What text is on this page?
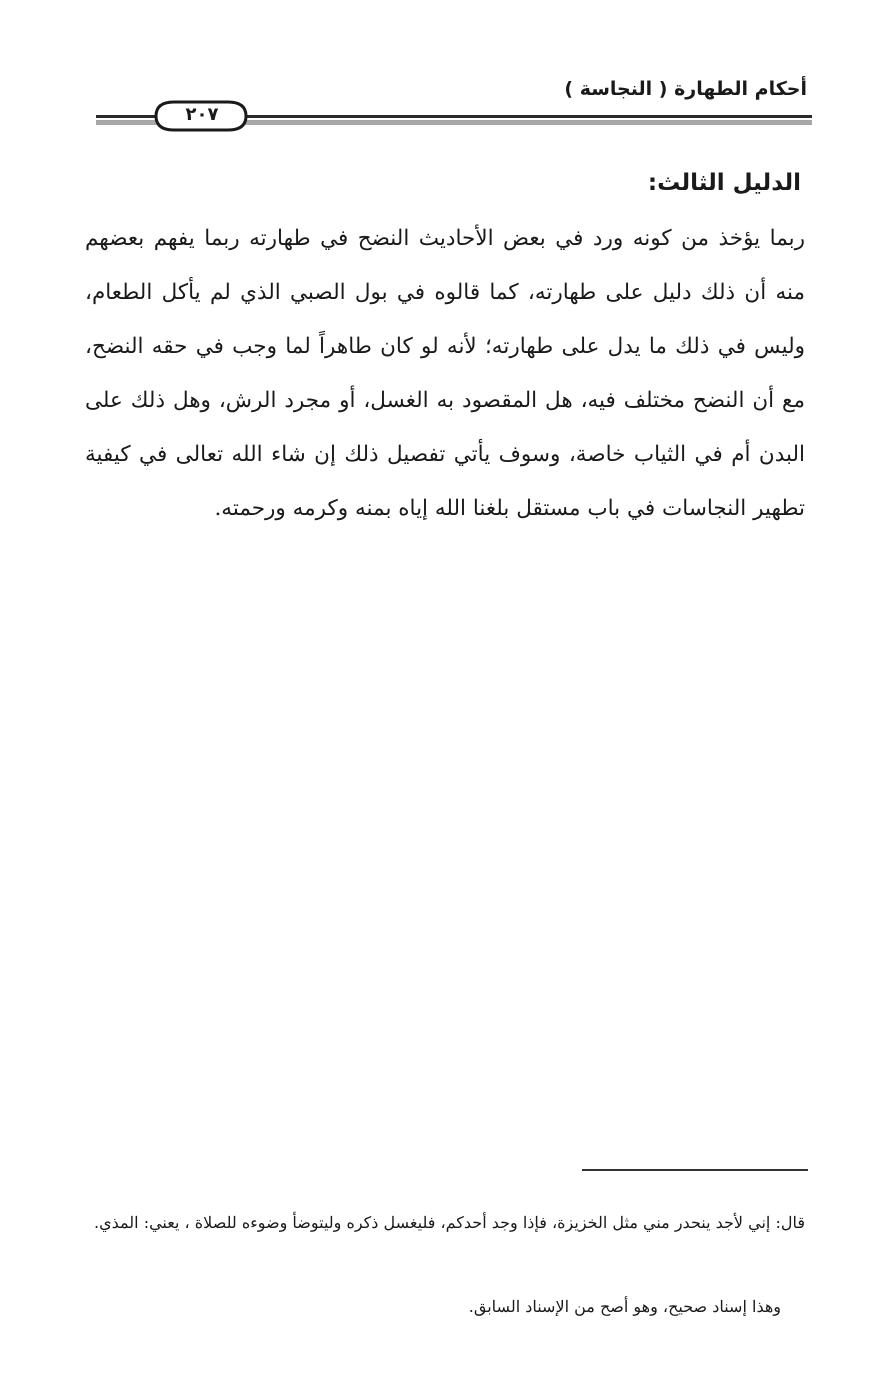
أحكام الطهارة ( النجاسة )
٢٠٧
الدليل الثالث:

ربما يؤخذ من كونه ورد في بعض الأحاديث النضح في طهارته ربما يفهم بعضهم منه أن ذلك دليل على طهارته، كما قالوه في بول الصبي الذي لم يأكل الطعام، وليس في ذلك ما يدل على طهارته؛ لأنه لو كان طاهراً لما وجب في حقه النضح، مع أن النضح مختلف فيه، هل المقصود به الغسل، أو مجرد الرش، وهل ذلك على البدن أم في الثياب خاصة، وسوف يأتي تفصيل ذلك إن شاء الله تعالى في كيفية تطهير النجاسات في باب مستقل بلغنا الله إياه بمنه وكرمه ورحمته.

قال: إني لأجد ينحدر مني مثل الخزيزة، فإذا وجد أحدكم، فليغسل ذكره وليتوضأ وضوءه للصلاة ، يعني: المذي.

وهذا إسناد صحيح، وهو أصح من الإسناد السابق.
